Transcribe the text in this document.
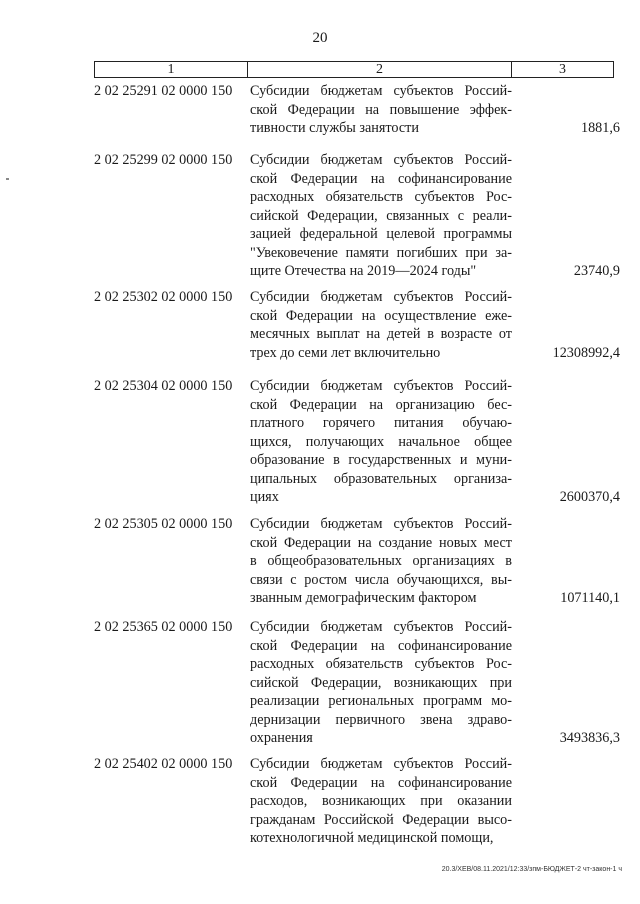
20
1	2	3
2 02 25291 02 0000 150	Субсидии бюджетам субъектов Россий-
ской Федерации на повышение эффек-
тивности службы занятости	1881,6
2 02 25299 02 0000 150	Субсидии бюджетам субъектов Россий-
ской Федерации на софинансирование
расходных обязательств субъектов Рос-
сийской Федерации, связанных с реали-
зацией федеральной целевой программы
"Увековечение памяти погибших при за-
щите Отечества на 2019—2024 годы"	23740,9
2 02 25302 02 0000 150	Субсидии бюджетам субъектов Россий-
ской Федерации на осуществление еже-
месячных выплат на детей в возрасте от
трех до семи лет включительно	12308992,4
2 02 25304 02 0000 150	Субсидии бюджетам субъектов Россий-
ской Федерации на организацию бес-
платного горячего питания обучаю-
щихся, получающих начальное общее
образование в государственных и муни-
ципальных образовательных организа-
циях	2600370,4
2 02 25305 02 0000 150	Субсидии бюджетам субъектов Россий-
ской Федерации на создание новых мест
в общеобразовательных организациях в
связи с ростом числа обучающихся, вы-
званным демографическим фактором	1071140,1
2 02 25365 02 0000 150	Субсидии бюджетам субъектов Россий-
ской Федерации на софинансирование
расходных обязательств субъектов Рос-
сийской Федерации, возникающих при
реализации региональных программ мо-
дернизации первичного звена здраво-
охранения	3493836,3
2 02 25402 02 0000 150	Субсидии бюджетам субъектов Россий-
ской Федерации на софинансирование
расходов, возникающих при оказании
гражданам Российской Федерации высо-
котехнологичной медицинской помощи,
20.3/ХЕВ/08.11.2021/12:33/зпм-БЮДЖЕТ-2 чт-закон-1 ч
